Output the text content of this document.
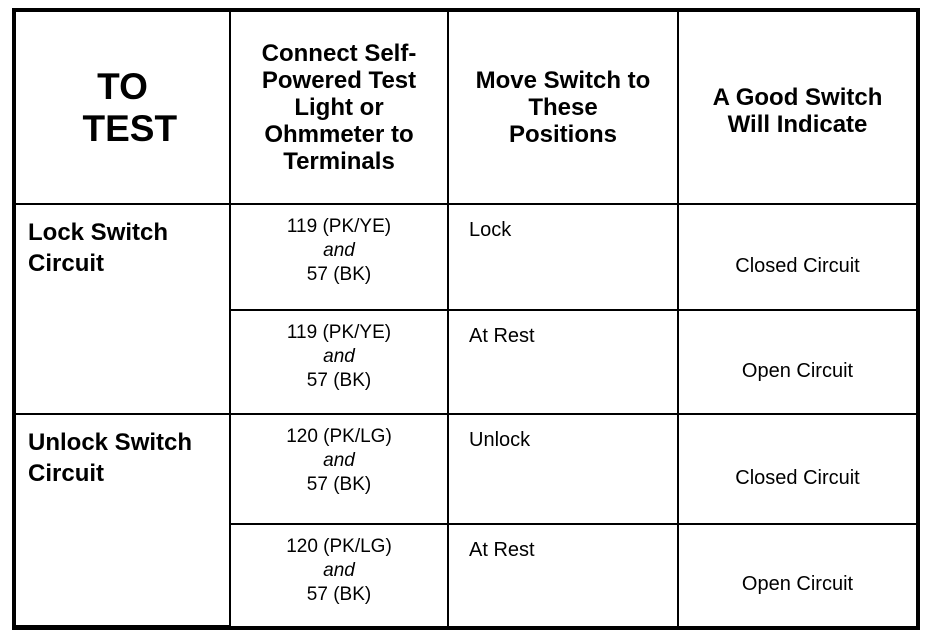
TO TEST	Connect Self-Powered Test Light or Ohmmeter to Terminals	Move Switch to These Positions	A Good Switch Will Indicate

Lock Switch Circuit	119 (PK/YE)
and
57 (BK)	Lock	Closed Circuit

	119 (PK/YE)
and
57 (BK)	At Rest	Open Circuit

Unlock Switch Circuit	120 (PK/LG)
and
57 (BK)	Unlock	Closed Circuit

	120 (PK/LG)
and
57 (BK)	At Rest	Open Circuit
